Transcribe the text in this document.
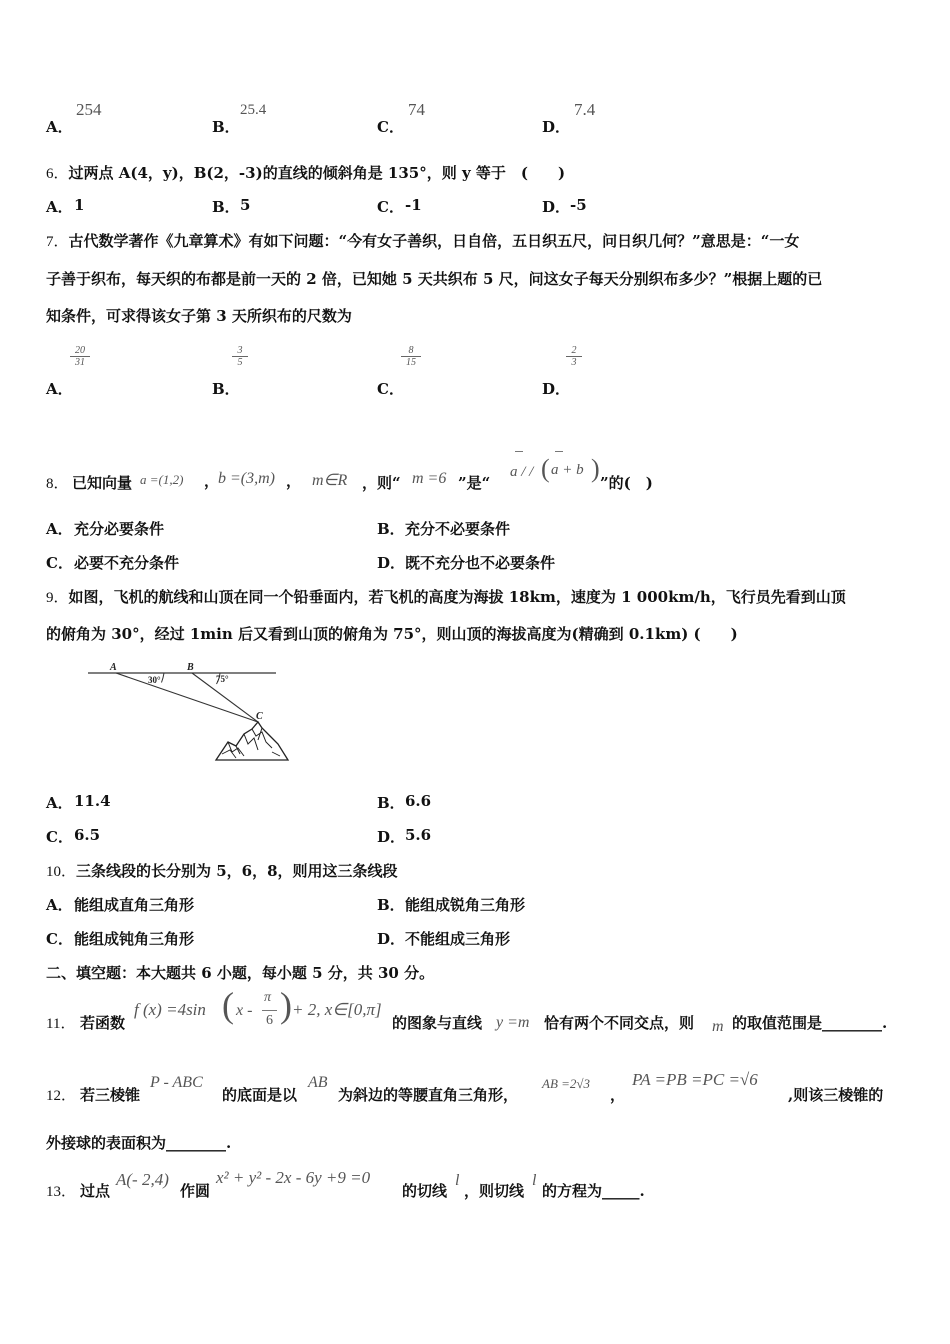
A．
254
B．
25.4
C．
74
D．
7.4
6．过两点 A(4，y)，B(2，-3)的直线的倾斜角是 135°，则 y 等于　(　　)
A． 1	B． 5	C． -1	D． -5
7．古代数学著作《九章算术》有如下问题：“今有女子善织，日自倍，五日织五尺，问日织几何？”意思是：“一女
子善于织布，每天织的布都是前一天的 2 倍，已知她 5 天共织布 5 尺，问这女子每天分别织布多少？”根据上题的已
知条件，可求得该女子第 3 天所织布的尺数为
A．
$\frac{20}{31}$
B．
$\frac{3}{5}$
C．
$\frac{8}{15}$
D．
$\frac{2}{3}$
8． 已知向量 a =(1,2) ，
b =(3,m) ， m∈R ，则“ m =6 ”是“
a / / ( a + b ) ”的(　)
A． 充分必要条件	B． 充分不必要条件
C． 必要不充分条件	D． 既不充分也不必要条件
9．如图，飞机的航线和山顶在同一个铅垂面内，若飞机的高度为海拔 18km，速度为 1 000km/h，飞行员先看到山顶
的俯角为 30°，经过 1min 后又看到山顶的俯角为 75°，则山顶的海拔高度为(精确到 0.1km) (　　)
A	B
C
30°	75°
A． 11.4	B． 6.6
C． 6.5	D． 5.6
10．三条线段的长分别为 5，6，8，则用这三条线段
A． 能组成直角三角形	B． 能组成锐角三角形
C． 能组成钝角三角形	D． 不能组成三角形
二、填空题：本大题共 6 小题，每小题 5 分，共 30 分。
11． 若函数
f (x) =4sin ( x -
π
6 ) + 2, x∈[0,π]
的图象与直线 y =m 恰有两个不同交点，则 m 的取值范围是________.
12． 若三棱锥
P - ABC
的底面是以
AB
为斜边的等腰直角三角形，
AB =2√3
，
PA =PB =PC =√6
,则该三棱锥的
外接球的表面积为________.
13． 过点
A(- 2,4)
作圆
x² + y² - 2x - 6y +9 =0
的切线
l
，则切线
l
的方程为_____.
